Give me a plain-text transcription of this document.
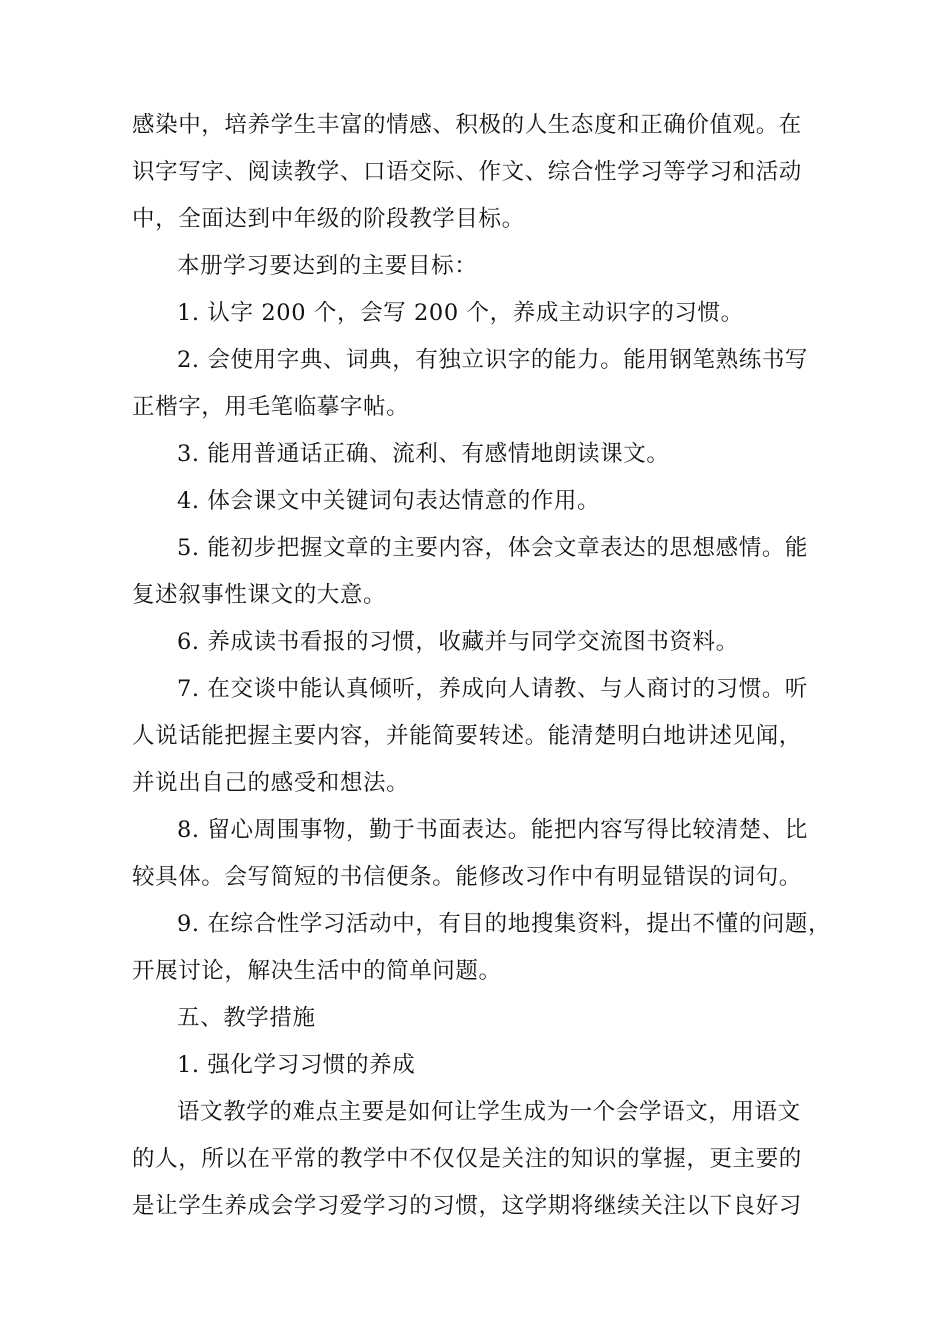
感染中，培养学生丰富的情感、积极的人生态度和正确价值观。在
识字写字、阅读教学、口语交际、作文、综合性学习等学习和活动
中，全面达到中年级的阶段教学目标。
本册学习要达到的主要目标：
1. 认字 200 个，会写 200 个，养成主动识字的习惯。
2. 会使用字典、词典，有独立识字的能力。能用钢笔熟练书写
正楷字，用毛笔临摹字帖。
3. 能用普通话正确、流利、有感情地朗读课文。
4. 体会课文中关键词句表达情意的作用。
5. 能初步把握文章的主要内容，体会文章表达的思想感情。能
复述叙事性课文的大意。
6. 养成读书看报的习惯，收藏并与同学交流图书资料。
7. 在交谈中能认真倾听，养成向人请教、与人商讨的习惯。听
人说话能把握主要内容，并能简要转述。能清楚明白地讲述见闻，
并说出自己的感受和想法。
8. 留心周围事物，勤于书面表达。能把内容写得比较清楚、比
较具体。会写简短的书信便条。能修改习作中有明显错误的词句。
9. 在综合性学习活动中，有目的地搜集资料，提出不懂的问题，
开展讨论，解决生活中的简单问题。
五、教学措施
1. 强化学习习惯的养成
语文教学的难点主要是如何让学生成为一个会学语文，用语文
的人，所以在平常的教学中不仅仅是关注的知识的掌握，更主要的
是让学生养成会学习爱学习的习惯，这学期将继续关注以下良好习
